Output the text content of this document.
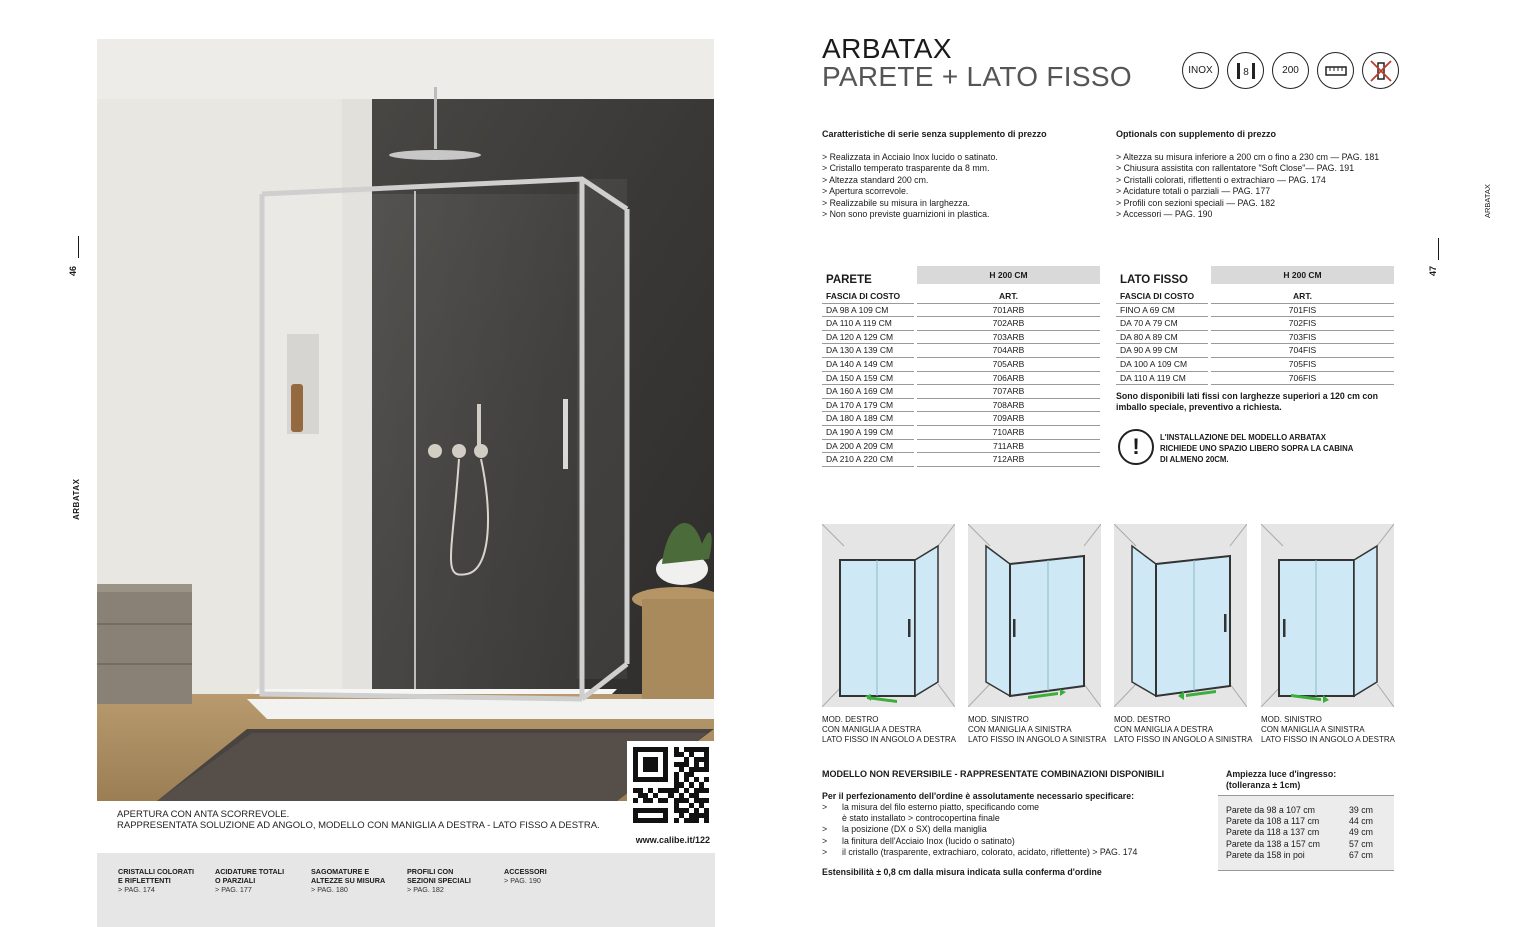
46
ARBATAX
APERTURA CON ANTA SCORREVOLE.
RAPPRESENTATA SOLUZIONE AD ANGOLO, MODELLO CON MANIGLIA A DESTRA - LATO FISSO A DESTRA.
www.calibe.it/122
CRISTALLI COLORATI
E RIFLETTENTI
> PAG. 174
ACIDATURE TOTALI
O PARZIALI
> PAG. 177
SAGOMATURE E
ALTEZZE SU MISURA
> PAG. 180
PROFILI CON
SEZIONI SPECIALI
> PAG. 182
ACCESSORI
> PAG. 190
ARBATAX
PARETE + LATO FISSO	INOX	8	200
ARBATAX
47
Caratteristiche di serie senza supplemento di prezzo
> Realizzata in Acciaio Inox lucido o satinato.
> Cristallo temperato trasparente da 8 mm.
> Altezza standard 200 cm.
> Apertura scorrevole.
> Realizzabile su misura in larghezza.
> Non sono previste guarnizioni in plastica.
Optionals con supplemento di prezzo
> Altezza su misura inferiore a 200 cm o fino a 230 cm — PAG. 181
> Chiusura assistita con rallentatore "Soft Close"— PAG. 191
> Cristalli colorati, riflettenti o extrachiaro — PAG. 174
> Acidature totali o parziali — PAG. 177
> Profili con sezioni speciali — PAG. 182
> Accessori — PAG. 190
PARETE	H 200 CM
FASCIA DI COSTO	ART.
DA 98 A 109 CM	701ARB
DA 110 A 119 CM	702ARB
DA 120 A 129 CM	703ARB
DA 130 A 139 CM	704ARB
DA 140 A 149 CM	705ARB
DA 150 A 159 CM	706ARB
DA 160 A 169 CM	707ARB
DA 170 A 179 CM	708ARB
DA 180 A 189 CM	709ARB
DA 190 A 199 CM	710ARB
DA 200 A 209 CM	711ARB
DA 210 A 220 CM	712ARB
LATO FISSO	H 200 CM
FASCIA DI COSTO	ART.
FINO A 69 CM	701FIS
DA 70 A 79 CM	702FIS
DA 80 A 89 CM	703FIS
DA 90 A 99 CM	704FIS
DA 100 A 109 CM	705FIS
DA 110 A 119 CM	706FIS
Sono disponibili lati fissi con larghezze superiori a 120 cm con imballo speciale, preventivo a richiesta.
!	L'INSTALLAZIONE DEL MODELLO ARBATAX
RICHIEDE UNO SPAZIO LIBERO SOPRA LA CABINA
DI ALMENO 20CM.
MOD. DESTRO
CON MANIGLIA A DESTRA
LATO FISSO IN ANGOLO A DESTRA
MOD. SINISTRO
CON MANIGLIA A SINISTRA
LATO FISSO IN ANGOLO A SINISTRA
MOD. DESTRO
CON MANIGLIA A DESTRA
LATO FISSO IN ANGOLO A SINISTRA
MOD. SINISTRO
CON MANIGLIA A SINISTRA
LATO FISSO IN ANGOLO A DESTRA
MODELLO NON REVERSIBILE - RAPPRESENTATE COMBINAZIONI DISPONIBILI
Per il perfezionamento dell'ordine è assolutamente necessario specificare:
> la misura del filo esterno piatto, specificando come
è stato installato > controcopertina finale
> la posizione (DX o SX) della maniglia
> la finitura dell'Acciaio Inox (lucido o satinato)
> il cristallo (trasparente, extrachiaro, colorato, acidato, riflettente) > PAG. 174
Estensibilità ± 0,8 cm dalla misura indicata sulla conferma d'ordine
Ampiezza luce d'ingresso:
(tolleranza ± 1cm)
Parete da 98 a 107 cm	39 cm
Parete da 108 a 117 cm	44 cm
Parete da 118 a 137 cm	49 cm
Parete da 138 a 157 cm	57 cm
Parete da 158 in poi	67 cm
